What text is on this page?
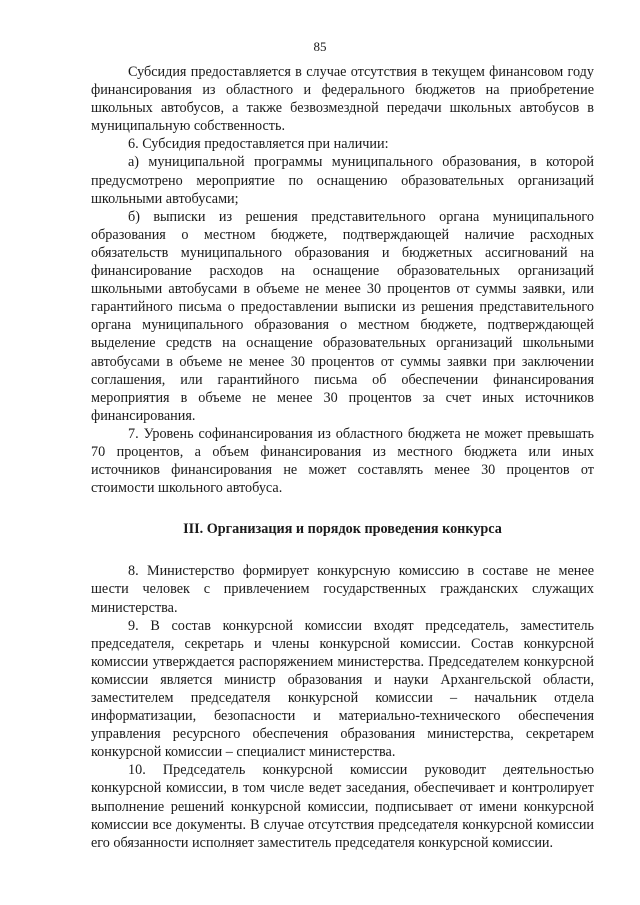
85

Субсидия предоставляется в случае отсутствия в текущем финансовом году финансирования из областного и федерального бюджетов на приобретение школьных автобусов, а также безвозмездной передачи школьных автобусов в муниципальную собственность.

6. Субсидия предоставляется при наличии:

а) муниципальной программы муниципального образования, в которой предусмотрено мероприятие по оснащению образовательных организаций школьными автобусами;

б) выписки из решения представительного органа муниципального образования о местном бюджете, подтверждающей наличие расходных обязательств муниципального образования и бюджетных ассигнований на финансирование расходов на оснащение образовательных организаций школьными автобусами в объеме не менее 30 процентов от суммы заявки, или гарантийного письма о предоставлении выписки из решения представительного органа муниципального образования о местном бюджете, подтверждающей выделение средств на оснащение образовательных организаций школьными автобусами в объеме не менее 30 процентов от суммы заявки при заключении соглашения, или гарантийного письма об обеспечении финансирования мероприятия в объеме не менее 30 процентов за счет иных источников финансирования.

7. Уровень софинансирования из областного бюджета не может превышать 70 процентов, а объем финансирования из местного бюджета или иных источников финансирования не может составлять менее 30 процентов от стоимости школьного автобуса.

III. Организация и порядок проведения конкурса

8. Министерство формирует конкурсную комиссию в составе не менее шести человек с привлечением государственных гражданских служащих министерства.

9. В состав конкурсной комиссии входят председатель, заместитель председателя, секретарь и члены конкурсной комиссии. Состав конкурсной комиссии утверждается распоряжением министерства. Председателем конкурсной комиссии является министр образования и науки Архангельской области, заместителем председателя конкурсной комиссии – начальник отдела информатизации, безопасности и материально-технического обеспечения управления ресурсного обеспечения образования министерства, секретарем конкурсной комиссии – специалист министерства.

10. Председатель конкурсной комиссии руководит деятельностью конкурсной комиссии, в том числе ведет заседания, обеспечивает и контролирует выполнение решений конкурсной комиссии, подписывает от имени конкурсной комиссии все документы. В случае отсутствия председателя конкурсной комиссии его обязанности исполняет заместитель председателя конкурсной комиссии.
